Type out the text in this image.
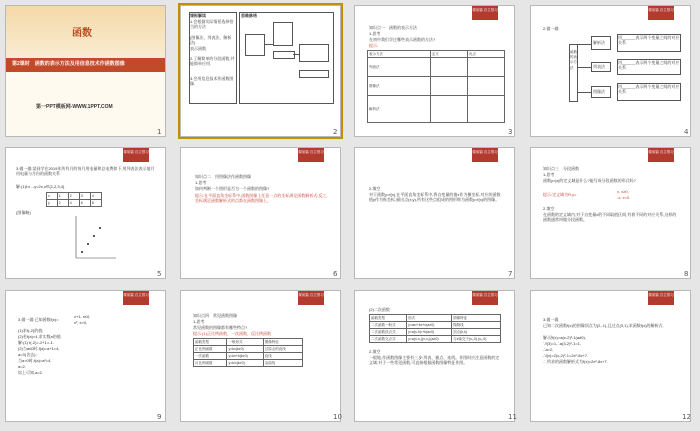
函数
第2课时　函数的表示方法及用信息技术作函数图像
第一PPT模板网-WWW.1PPT.COM
1
课标解读
1.会根据实际情景选择恰当的方法
(图像法、列表法、解析法)
表示函数.
2.了解简单的分段函数,并能简单应用.
3.会用信息技术作函数图像.
思维脉络
2
课前篇 自主预习
知识点一　函数的表示方法
1.思考
在初中我们学过哪些表示函数的方法?
提示:
表示方法	定义	优点
列表法		
图像法		
解析法		
3
课前篇 自主预习
2.做一做:
函数的表示方法
解析法
列表法
图像法
用______表示两个变量之间的对应关系
用______表示两个变量之间的对应关系
用______表示两个变量之间的对应关系
4
课前篇 自主预习
3.做一做:某同学在2019年所有月的每月用电量和总电费如下,用列表法表示他月用电量与月份的函数关系
解:(1)f:x→y=2x,x∈{1,2,3,4}
x	1	2	3	4
y	2	4	6	8
(图像略)
5
课前篇 自主预习
知识点二　用图像法作函数图像
1.思考
如何判断一个图形是否为一个函数的图像?
提示:在平面直角坐标系中,函数图像上任意一点的坐标满足函数解析式;反之,坐标满足函数解析式的点都在函数图像上。
6
课前篇 自主预习
2.填空
对于函数y=f(x),在平面直角坐标系中,将自变量的值x作为横坐标,对应的函数值y作为纵坐标,描出点(x,y),所有这些点组成的图形称为函数y=f(x)的图像。
7
课前篇 自主预习
知识点三　分段函数
1.思考
函数y=|x|的定义域是什么?能写成分段函数的形式吗?
提示:定义域为R,y=
x, x≥0,
-x, x<0.
2.填空
在函数的定义域内,对于自变量x的不同取值区间,有着不同的对应关系,这样的函数通常叫做分段函数。
8
课前篇 自主预习
3.做一做:已知函数f(x)=
x+1, x≤0,
x², x>0,
(1)求f(-2)的值;
(2)若f(a)=4,求实数a的值.
解:(1) f(-2)=-2+1=-1.
(2)当a≤0时,f(a)=a+1=4,
a=3(舍去);
当a>0时,f(a)=a²=4,
a=2.
综上可知,a=2.
9
课前篇 自主预习
知识点四　常见函数图像
1.思考
常见函数的图像都有哪些特点?
提示:(1)正比例函数、一次函数、反比例函数
函数类型	一般形式	图像特征
正比例函数	y=kx(k≠0)	过原点的直线
一次函数	y=kx+b(k≠0)	直线
反比例函数	y=k/x(k≠0)	双曲线
10
课前篇 自主预习
(2)二次函数
函数类型	形式	图像特征
二次函数一般式	y=ax²+bx+c(a≠0)	抛物线
二次函数顶点式	y=a(x-h)²+k(a≠0)	顶点(h,k)
二次函数交点式	y=a(x-x₁)(x-x₂)(a≠0)	与x轴交于(x₁,0),(x₂,0)
2.填空
一般地,作函数图像主要有三步:列表、描点、连线。作图时应注意函数的定义域,对于一些常见函数,可直接根据函数图像特征作图。
11
课前篇 自主预习
3.做一做
已知二次函数f(x)的图像顶点为(2,-1),且过点(3,1),求函数f(x)的解析式.
解:设f(x)=a(x-2)²-1(a≠0),
∵f(3)=1,∴a(3-2)²-1=1,
∴a=2,
∴f(x)=2(x-2)²-1=2x²-8x+7.
∴所求的函数解析式为f(x)=2x²-8x+7.
12
